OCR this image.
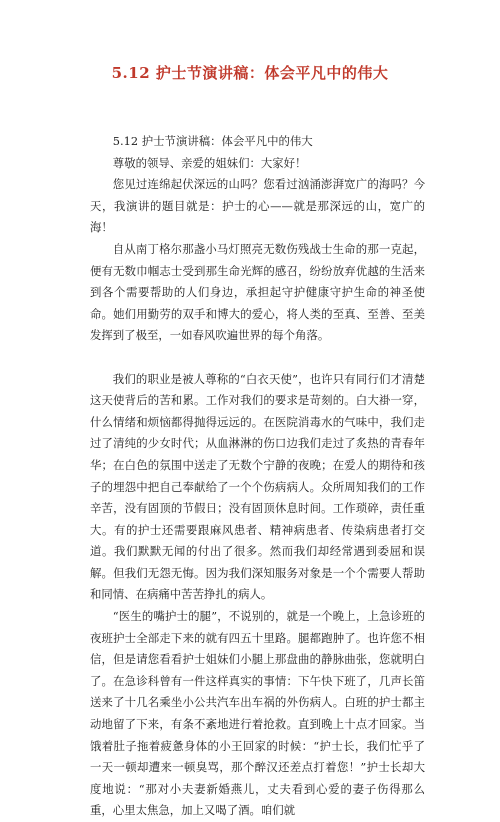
5.12 护士节演讲稿：体会平凡中的伟大

5.12 护士节演讲稿：体会平凡中的伟大

尊敬的领导、亲爱的姐妹们：大家好！

您见过连绵起伏深远的山吗？您看过汹涌澎湃宽广的海吗？今天，我演讲的题目就是：护士的心——就是那深远的山，宽广的海！

自从南丁格尔那盏小马灯照亮无数伤残战士生命的那一克起，便有无数巾帼志士受到那生命光辉的感召，纷纷放弃优越的生活来到各个需要帮助的人们身边，承担起守护健康守护生命的神圣使命。她们用勤劳的双手和博大的爱心，将人类的至真、至善、至美发挥到了极至，一如春风吹遍世界的每个角落。

我们的职业是被人尊称的“白衣天使”，也许只有同行们才清楚这天使背后的苦和累。工作对我们的要求是苛刻的。白大褂一穿，什么情绪和烦恼都得抛得远远的。在医院消毒水的气味中，我们走过了清纯的少女时代；从血淋淋的伤口边我们走过了炙热的青春年华；在白色的氛围中送走了无数个宁静的夜晚；在爱人的期待和孩子的埋怨中把自己奉献给了一个个伤病病人。众所周知我们的工作辛苦，没有固顶的节假日；没有固顶休息时间。工作琐碎，责任重大。有的护士还需要跟麻风患者、精神病患者、传染病患者打交道。我们默默无闻的付出了很多。然而我们却经常遇到委屈和误解。但我们无怨无悔。因为我们深知服务对象是一个个需要人帮助和同情、在病痛中苦苦挣扎的病人。

“医生的嘴护士的腿”，不说别的，就是一个晚上，上急诊班的夜班护士全部走下来的就有四五十里路。腿都跑肿了。也许您不相信，但是请您看看护士姐妹们小腿上那盘曲的静脉曲张，您就明白了。在急诊科曾有一件这样真实的事情：下午快下班了，几声长笛送来了十几名乘坐小公共汽车出车祸的外伤病人。白班的护士都主动地留了下来，有条不紊地进行着抢救。直到晚上十点才回家。当饿着肚子拖着疲惫身体的小王回家的时候：“护士长，我们忙乎了一天一顿却遭来一顿臭骂，那个醉汉还差点打着您！”护士长却大度地说：“那对小夫妻新婚燕儿，丈夫看到心爱的妻子伤得那么重，心里太焦急，加上又喝了酒。咱们就
